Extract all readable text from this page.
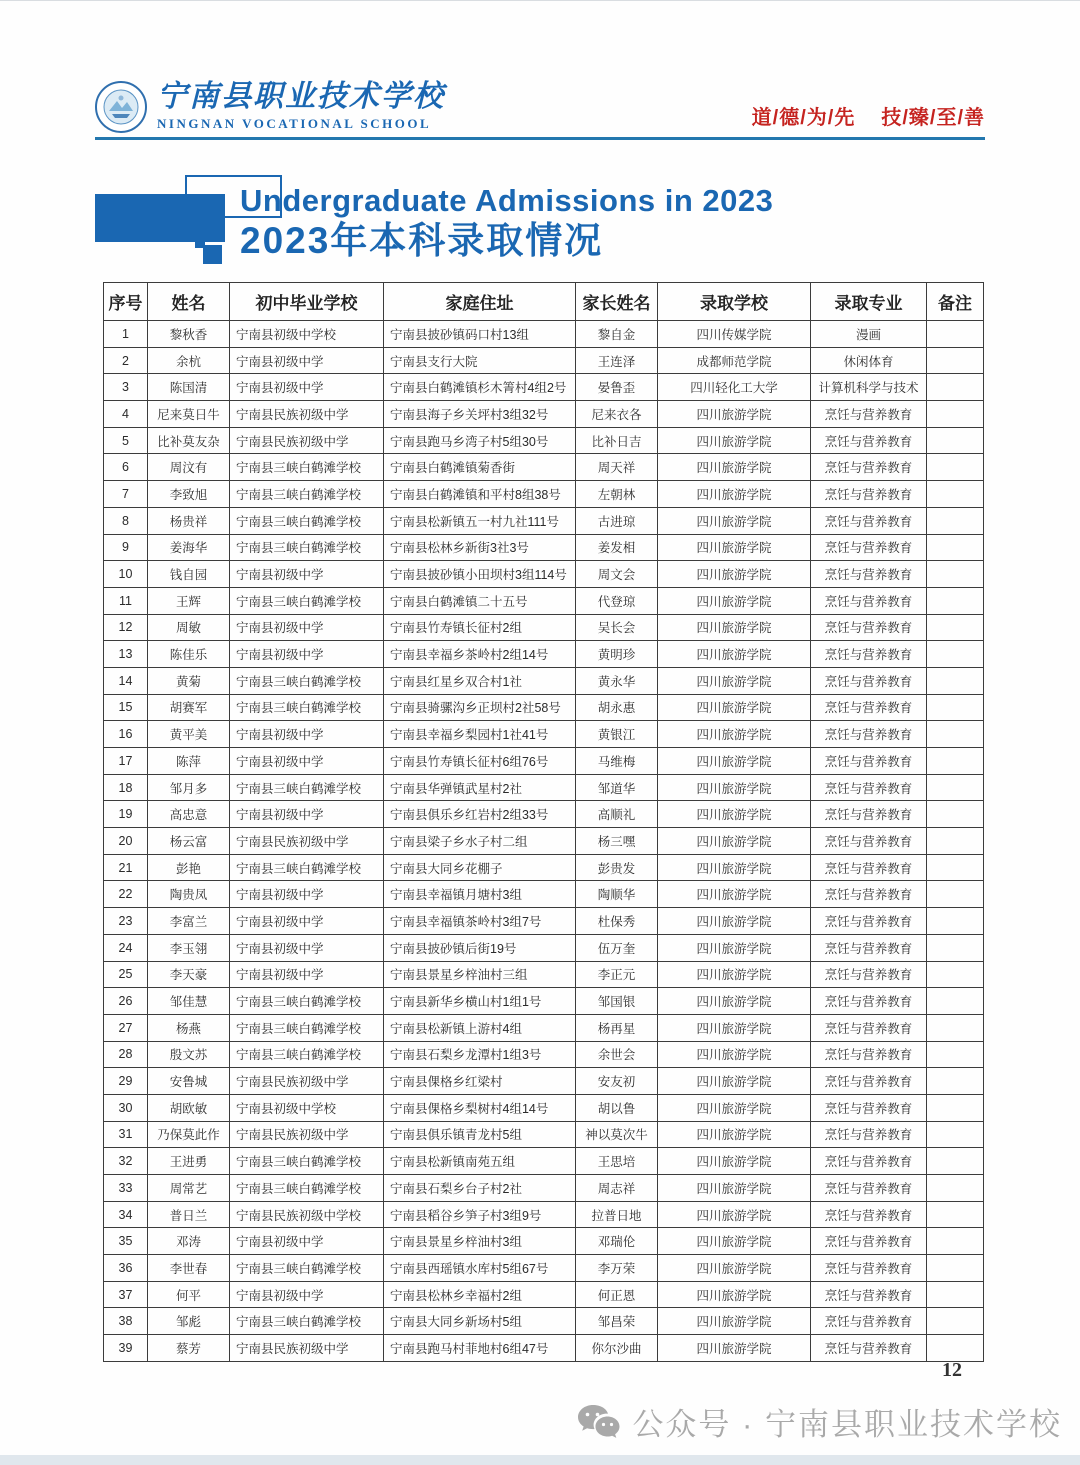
宁南县职业技术学校
NINGNAN VOCATIONAL SCHOOL	道/德/为/先 技/臻/至/善
Undergraduate Admissions in 2023
2023年本科录取情况
序号	姓名	初中毕业学校	家庭住址	家长姓名	录取学校	录取专业	备注
1	黎秋香	宁南县初级中学校	宁南县披砂镇码口村13组	黎自金	四川传媒学院	漫画	
2	余杭	宁南县初级中学	宁南县支行大院	王连泽	成都师范学院	休闲体育	
3	陈国清	宁南县初级中学	宁南县白鹤滩镇杉木箐村4组2号	晏鲁歪	四川轻化工大学	计算机科学与技术	
4	尼来莫日牛	宁南县民族初级中学	宁南县海子乡关坪村3组32号	尼来衣各	四川旅游学院	烹饪与营养教育	
5	比补莫友杂	宁南县民族初级中学	宁南县跑马乡湾子村5组30号	比补日吉	四川旅游学院	烹饪与营养教育	
6	周汶有	宁南县三峡白鹤滩学校	宁南县白鹤滩镇菊香街	周天祥	四川旅游学院	烹饪与营养教育	
7	李致旭	宁南县三峡白鹤滩学校	宁南县白鹤滩镇和平村8组38号	左朝林	四川旅游学院	烹饪与营养教育	
8	杨贵祥	宁南县三峡白鹤滩学校	宁南县松新镇五一村九社111号	古进琼	四川旅游学院	烹饪与营养教育	
9	姜海华	宁南县三峡白鹤滩学校	宁南县松林乡新街3社3号	姜发相	四川旅游学院	烹饪与营养教育	
10	钱自园	宁南县初级中学	宁南县披砂镇小田坝村3组114号	周文会	四川旅游学院	烹饪与营养教育	
11	王辉	宁南县三峡白鹤滩学校	宁南县白鹤滩镇二十五号	代登琼	四川旅游学院	烹饪与营养教育	
12	周敏	宁南县初级中学	宁南县竹寿镇长征村2组	吴长会	四川旅游学院	烹饪与营养教育	
13	陈佳乐	宁南县初级中学	宁南县幸福乡茶岭村2组14号	黄明珍	四川旅游学院	烹饪与营养教育	
14	黄菊	宁南县三峡白鹤滩学校	宁南县红星乡双合村1社	黄永华	四川旅游学院	烹饪与营养教育	
15	胡赛军	宁南县三峡白鹤滩学校	宁南县骑骡沟乡正坝村2社58号	胡永惠	四川旅游学院	烹饪与营养教育	
16	黄平美	宁南县初级中学	宁南县幸福乡梨园村1社41号	黄银江	四川旅游学院	烹饪与营养教育	
17	陈萍	宁南县初级中学	宁南县竹寿镇长征村6组76号	马维梅	四川旅游学院	烹饪与营养教育	
18	邹月多	宁南县三峡白鹤滩学校	宁南县华弹镇武星村2社	邹道华	四川旅游学院	烹饪与营养教育	
19	高忠意	宁南县初级中学	宁南县俱乐乡红岩村2组33号	高顺礼	四川旅游学院	烹饪与营养教育	
20	杨云富	宁南县民族初级中学	宁南县梁子乡水子村二组	杨三嘿	四川旅游学院	烹饪与营养教育	
21	彭艳	宁南县三峡白鹤滩学校	宁南县大同乡花棚子	彭贵发	四川旅游学院	烹饪与营养教育	
22	陶贵凤	宁南县初级中学	宁南县幸福镇月塘村3组	陶顺华	四川旅游学院	烹饪与营养教育	
23	李富兰	宁南县初级中学	宁南县幸福镇茶岭村3组7号	杜保秀	四川旅游学院	烹饪与营养教育	
24	李玉翎	宁南县初级中学	宁南县披砂镇后街19号	伍万奎	四川旅游学院	烹饪与营养教育	
25	李天豪	宁南县初级中学	宁南县景星乡梓油村三组	李正元	四川旅游学院	烹饪与营养教育	
26	邹佳慧	宁南县三峡白鹤滩学校	宁南县新华乡横山村1组1号	邹国银	四川旅游学院	烹饪与营养教育	
27	杨燕	宁南县三峡白鹤滩学校	宁南县松新镇上游村4组	杨再星	四川旅游学院	烹饪与营养教育	
28	殷文苏	宁南县三峡白鹤滩学校	宁南县石梨乡龙潭村1组3号	余世会	四川旅游学院	烹饪与营养教育	
29	安鲁城	宁南县民族初级中学	宁南县倮格乡红梁村	安友初	四川旅游学院	烹饪与营养教育	
30	胡欧敏	宁南县初级中学校	宁南县倮格乡梨树村4组14号	胡以鲁	四川旅游学院	烹饪与营养教育	
31	乃保莫此作	宁南县民族初级中学	宁南县俱乐镇青龙村5组	神以莫次牛	四川旅游学院	烹饪与营养教育	
32	王进勇	宁南县三峡白鹤滩学校	宁南县松新镇南苑五组	王思培	四川旅游学院	烹饪与营养教育	
33	周常艺	宁南县三峡白鹤滩学校	宁南县石梨乡台子村2社	周志祥	四川旅游学院	烹饪与营养教育	
34	普日兰	宁南县民族初级中学校	宁南县稻谷乡笋子村3组9号	拉普日地	四川旅游学院	烹饪与营养教育	
35	邓涛	宁南县初级中学	宁南县景星乡梓油村3组	邓瑞伦	四川旅游学院	烹饪与营养教育	
36	李世春	宁南县三峡白鹤滩学校	宁南县西瑶镇水库村5组67号	李万荣	四川旅游学院	烹饪与营养教育	
37	何平	宁南县初级中学	宁南县松林乡幸福村2组	何正恩	四川旅游学院	烹饪与营养教育	
38	邹彪	宁南县三峡白鹤滩学校	宁南县大同乡新场村5组	邹昌荣	四川旅游学院	烹饪与营养教育	
39	蔡芳	宁南县民族初级中学	宁南县跑马村菲地村6组47号	你尔沙曲	四川旅游学院	烹饪与营养教育	
12
公众号 · 宁南县职业技术学校
